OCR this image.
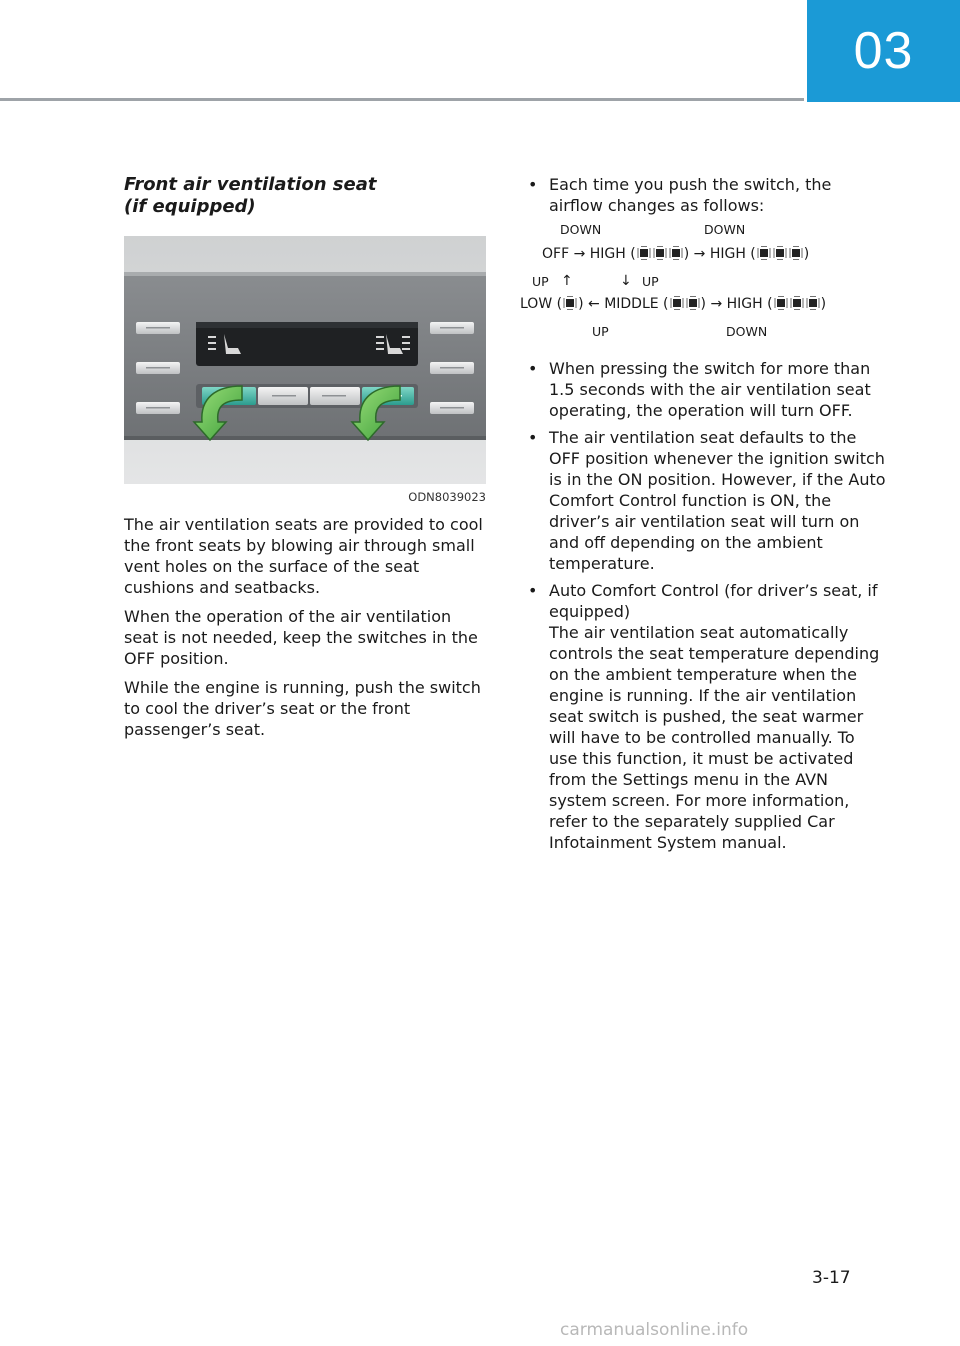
03
Front air ventilation seat
(if equipped)
ODN8039023

The air ventilation seats are provided to cool the front seats by blowing air through small vent holes on the surface of the seat cushions and seatbacks.

When the operation of the air ventilation seat is not needed, keep the switches in the OFF position.

While the engine is running, push the switch to cool the driver’s seat or the front passenger’s seat.

• Each time you push the switch, the airflow changes as follows:
DOWN	DOWN
OFF → HIGH (	) → HIGH (	)
UP ↑	↓ UP
LOW ( ) ← MIDDLE ( ) → HIGH (	)
UP	DOWN
• When pressing the switch for more than 1.5 seconds with the air ventilation seat operating, the operation will turn OFF.
• The air ventilation seat defaults to the OFF position whenever the ignition switch is in the ON position. However, if the Auto Comfort Control function is ON, the driver’s air ventilation seat will turn on and off depending on the ambient temperature.
• Auto Comfort Control (for driver’s seat, if equipped)
The air ventilation seat automatically controls the seat temperature depending on the ambient temperature when the engine is running. If the air ventilation seat switch is pushed, the seat warmer will have to be controlled manually. To use this function, it must be activated from the Settings menu in the AVN system screen. For more information, refer to the separately supplied Car Infotainment System manual.
3-17
carmanualsonline.info
